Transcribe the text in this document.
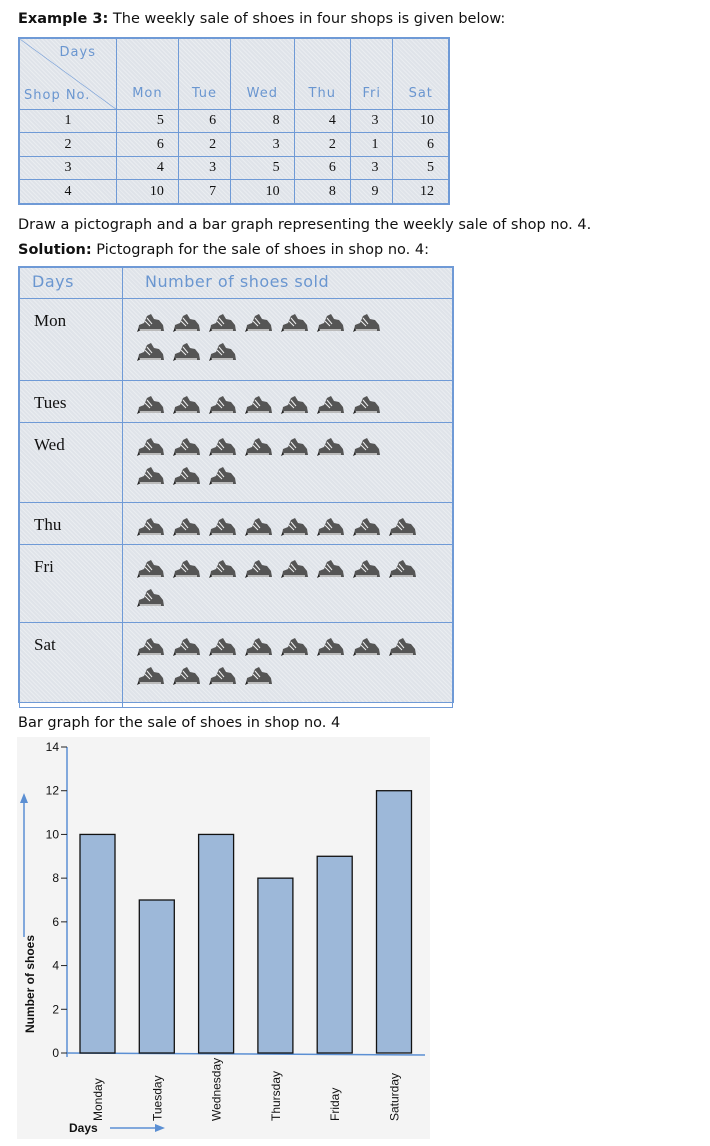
Example 3: The weekly sale of shoes in four shops is given below:
Days
Shop No.	Mon	Tue	Wed	Thu	Fri	Sat
1	5	6	8	4	3	10
2	6	2	3	2	1	6
3	4	3	5	6	3	5
4	10	7	10	8	9	12
Draw a pictograph and a bar graph representing the weekly sale of shop no. 4.
Solution: Pictograph for the sale of shoes in shop no. 4:
Days	Number of shoes sold
Mon	

Tues	
Wed	

Thu	
Fri	

Sat	

Bar graph for the sale of shoes in shop no. 4
0
2
4
6
8
10
12
14
Monday	Tuesday	Wednesday	Thursday	Friday	Saturday
Number of shoes
Days
